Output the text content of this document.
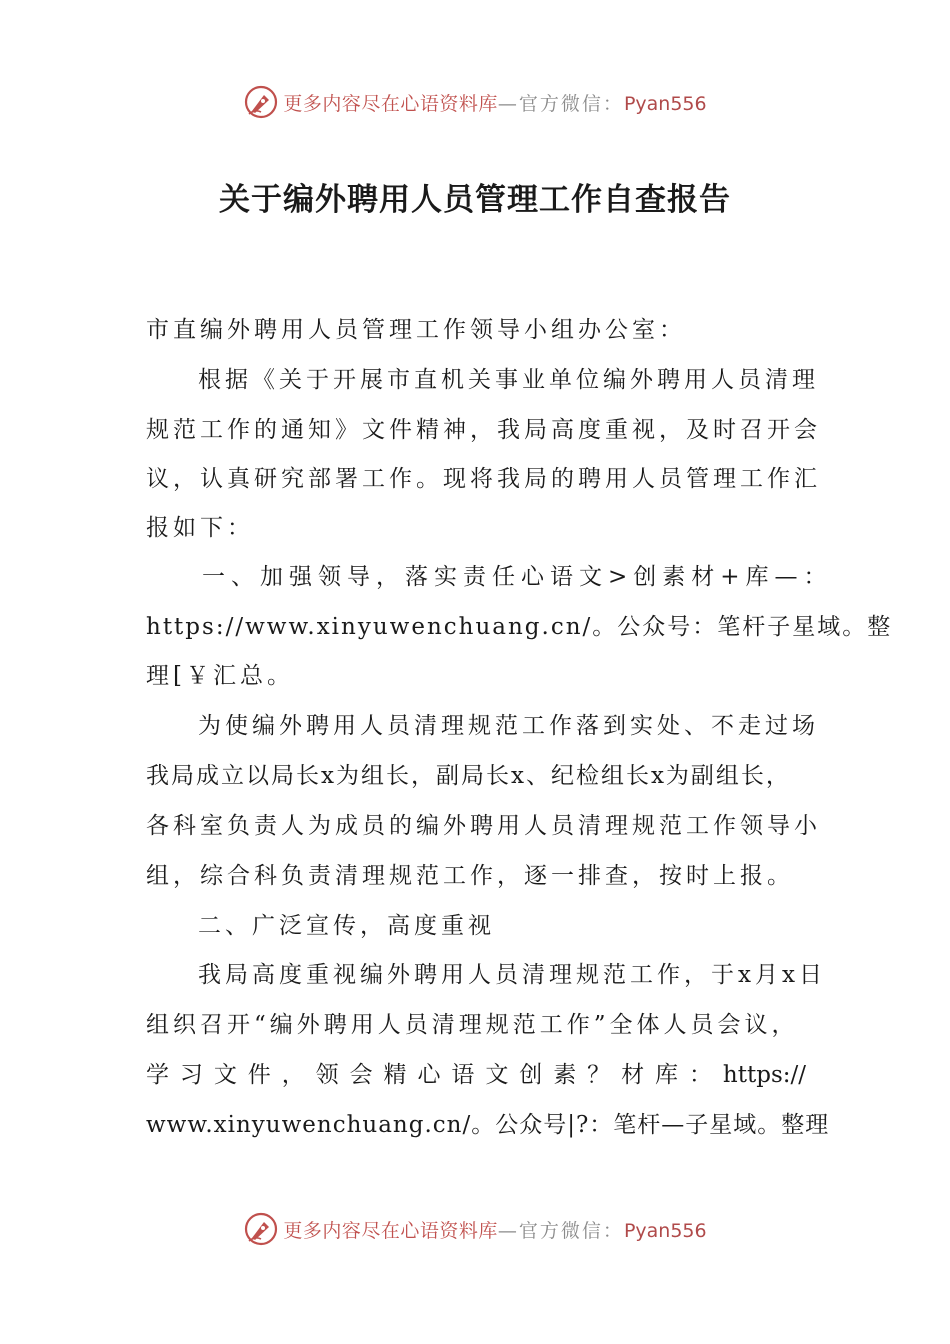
更多内容尽在心语资料库—官方微信：Pyan556
关于编外聘用人员管理工作自查报告
市直编外聘用人员管理工作领导小组办公室：
根据《关于开展市直机关事业单位编外聘用人员清理
规范工作的通知》文件精神，我局高度重视，及时召开会
议，认真研究部署工作。现将我局的聘用人员管理工作汇
报如下：
一、加强领导，落实责任心语文>创素材+库—：
https://www.xinyuwenchuang.cn/。公众号：笔杆子星域。整
理[￥汇总。
为使编外聘用人员清理规范工作落到实处、不走过场
我局成立以局长x为组长，副局长x、纪检组长x为副组长，
各科室负责人为成员的编外聘用人员清理规范工作领导小
组，综合科负责清理规范工作，逐一排查，按时上报。
二、广泛宣传，高度重视
我局高度重视编外聘用人员清理规范工作，于x月x日
组织召开“编外聘用人员清理规范工作”全体人员会议，
学习文件，领会精心语文创素？材库：https://
www.xinyuwenchuang.cn/。公众号|?：笔杆—子星域。整理
更多内容尽在心语资料库—官方微信：Pyan556
